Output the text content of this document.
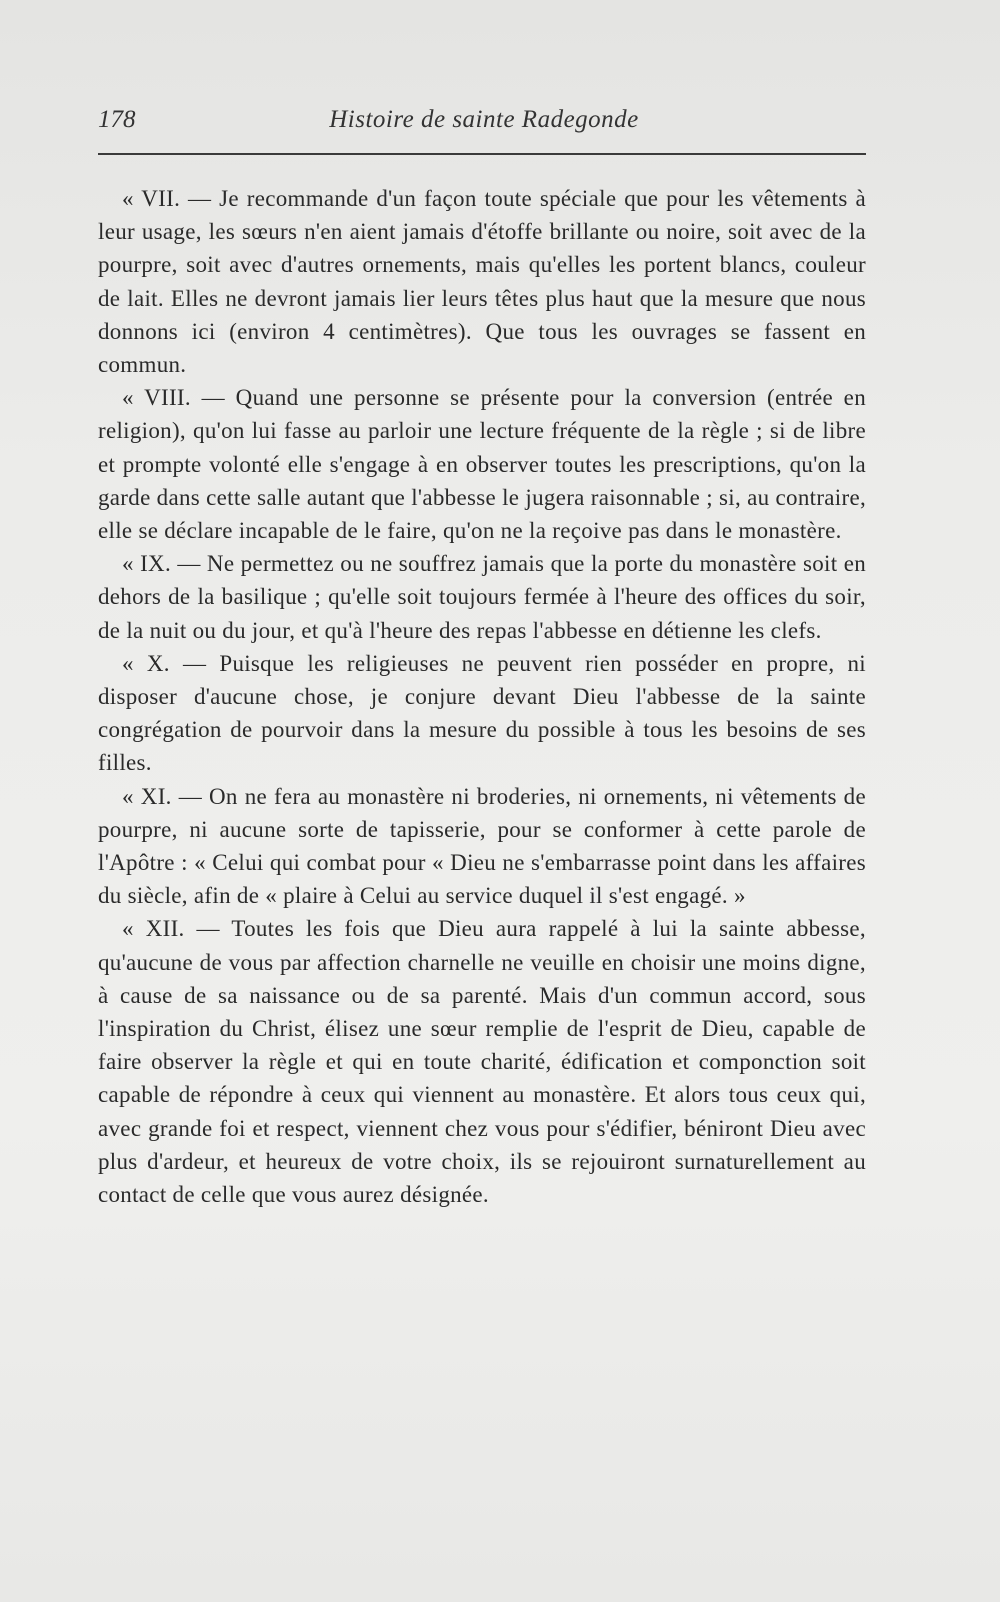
178	Histoire de sainte Radegonde

« VII. — Je recommande d'un façon toute spéciale que pour les vêtements à leur usage, les sœurs n'en aient jamais d'étoffe brillante ou noire, soit avec de la pourpre, soit avec d'autres ornements, mais qu'elles les portent blancs, couleur de lait. Elles ne devront jamais lier leurs têtes plus haut que la mesure que nous donnons ici (environ 4 centimètres). Que tous les ouvrages se fassent en commun.

« VIII. — Quand une personne se présente pour la conversion (entrée en religion), qu'on lui fasse au parloir une lecture fréquente de la règle ; si de libre et prompte volonté elle s'engage à en observer toutes les prescriptions, qu'on la garde dans cette salle autant que l'abbesse le jugera raisonnable ; si, au contraire, elle se déclare incapable de le faire, qu'on ne la reçoive pas dans le monastère.

« IX. — Ne permettez ou ne souffrez jamais que la porte du monastère soit en dehors de la basilique ; qu'elle soit toujours fermée à l'heure des offices du soir, de la nuit ou du jour, et qu'à l'heure des repas l'abbesse en détienne les clefs.

« X. — Puisque les religieuses ne peuvent rien posséder en propre, ni disposer d'aucune chose, je conjure devant Dieu l'abbesse de la sainte congrégation de pourvoir dans la mesure du possible à tous les besoins de ses filles.

« XI. — On ne fera au monastère ni broderies, ni ornements, ni vêtements de pourpre, ni aucune sorte de tapisserie, pour se conformer à cette parole de l'Apôtre : « Celui qui combat pour « Dieu ne s'embarrasse point dans les affaires du siècle, afin de « plaire à Celui au service duquel il s'est engagé. »

« XII. — Toutes les fois que Dieu aura rappelé à lui la sainte abbesse, qu'aucune de vous par affection charnelle ne veuille en choisir une moins digne, à cause de sa naissance ou de sa parenté. Mais d'un commun accord, sous l'inspiration du Christ, élisez une sœur remplie de l'esprit de Dieu, capable de faire observer la règle et qui en toute charité, édification et componction soit capable de répondre à ceux qui viennent au monastère. Et alors tous ceux qui, avec grande foi et respect, viennent chez vous pour s'édifier, béniront Dieu avec plus d'ardeur, et heureux de votre choix, ils se rejouiront surnaturellement au contact de celle que vous aurez désignée.
